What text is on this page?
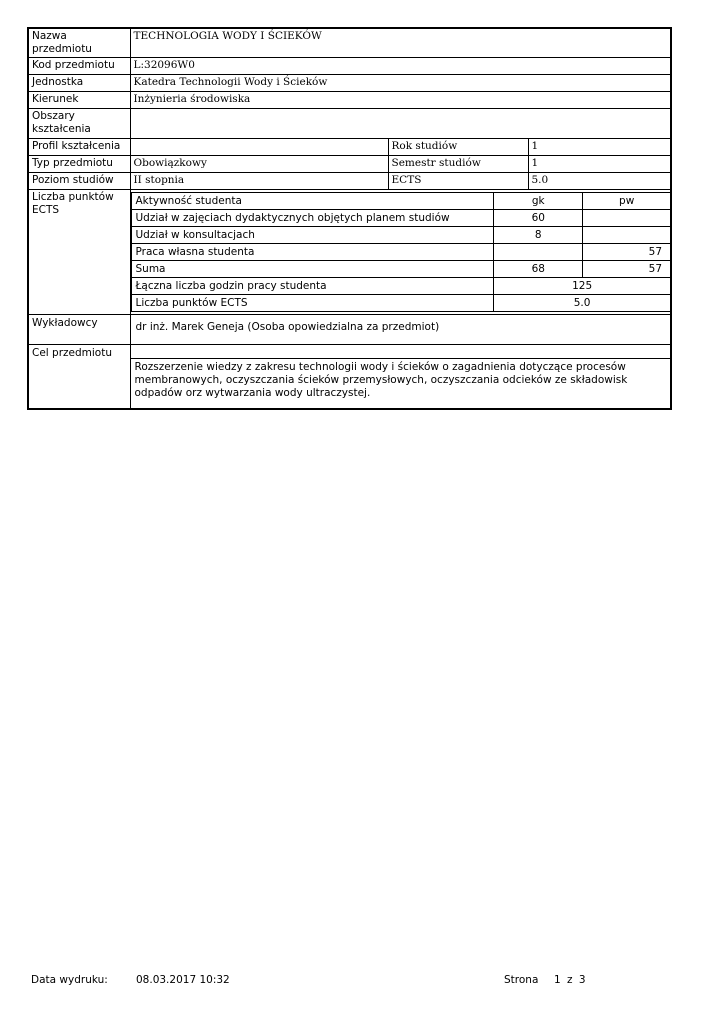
Nazwa przedmiotu	TECHNOLOGIA WODY I ŚCIEKÓW
Kod przedmiotu	L:32096W0
Jednostka	Katedra Technologii Wody i Ścieków
Kierunek	Inżynieria środowiska
Obszary kształcenia	
Profil kształcenia		Rok studiów	1
Typ przedmiotu	Obowiązkowy	Semestr studiów	1
Poziom studiów	II stopnia	ECTS	5.0
Liczba punktów ECTS	
Aktywność studenta	gk	pw
Udział w zajęciach dydaktycznych objętych planem studiów	60	
Udział w konsultacjach	8	
Praca własna studenta		57
Suma	68	57
Łączna liczba godzin pracy studenta	125
Liczba punktów ECTS	5.0

Wykładowcy	dr inż. Marek Geneja (Osoba opowiedzialna za przedmiot)
Cel przedmiotu	
Rozszerzenie wiedzy z zakresu technologii wody i ścieków o zagadnienia dotyczące procesów membranowych, oczyszczania ścieków przemysłowych, oczyszczania odcieków ze składowisk odpadów orz wytwarzania wody ultraczystej.
Data wydruku:	08.03.2017 10:32	Strona 1 z 3
